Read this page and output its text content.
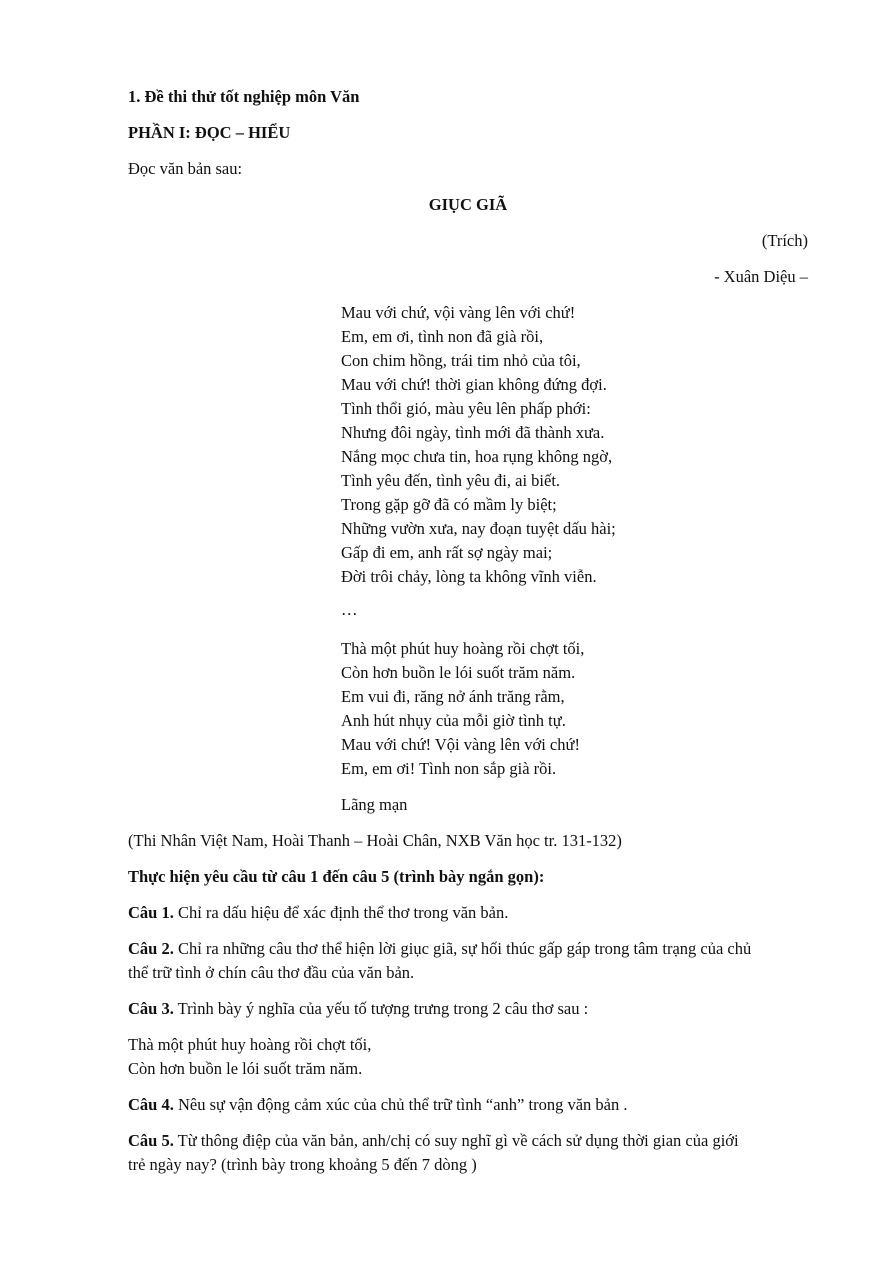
1. Đề thi thử tốt nghiệp môn Văn
PHẦN I: ĐỌC – HIỂU
Đọc văn bản sau:
GIỤC GIÃ
(Trích)
- Xuân Diệu –
Mau với chứ, vội vàng lên với chứ!
Em, em ơi, tình non đã già rồi,
Con chim hồng, trái tim nhỏ của tôi,
Mau với chứ! thời gian không đứng đợi.
Tình thổi gió, màu yêu lên phấp phới:
Nhưng đôi ngày, tình mới đã thành xưa.
Nắng mọc chưa tin, hoa rụng không ngờ,
Tình yêu đến, tình yêu đi, ai biết.
Trong gặp gỡ đã có mầm ly biệt;
Những vườn xưa, nay đoạn tuyệt dấu hài;
Gấp đi em, anh rất sợ ngày mai;
Đời trôi chảy, lòng ta không vĩnh viễn.
…
Thà một phút huy hoàng rồi chợt tối,
Còn hơn buồn le lói suốt trăm năm.
Em vui đi, răng nở ánh trăng rằm,
Anh hút nhụy của mỗi giờ tình tự.
Mau với chứ! Vội vàng lên với chứ!
Em, em ơi! Tình non sắp già rồi.
Lãng mạn
(Thi Nhân Việt Nam, Hoài Thanh – Hoài Chân, NXB Văn học tr. 131-132)
Thực hiện yêu cầu từ câu 1 đến câu 5 (trình bày ngắn gọn):
Câu 1. Chỉ ra dấu hiệu để xác định thể thơ trong văn bản.
Câu 2. Chỉ ra những câu thơ thể hiện lời giục giã, sự hối thúc gấp gáp trong tâm trạng của chủ
thể trữ tình ở chín câu thơ đầu của văn bản.
Câu 3. Trình bày ý nghĩa của yếu tố tượng trưng trong 2 câu thơ sau :
Thà một phút huy hoàng rồi chợt tối,
Còn hơn buồn le lói suốt trăm năm.
Câu 4. Nêu sự vận động cảm xúc của chủ thể trữ tình “anh” trong văn bản .
Câu 5. Từ thông điệp của văn bản, anh/chị có suy nghĩ gì về cách sử dụng thời gian của giới
trẻ ngày nay? (trình bày trong khoảng 5 đến 7 dòng )
